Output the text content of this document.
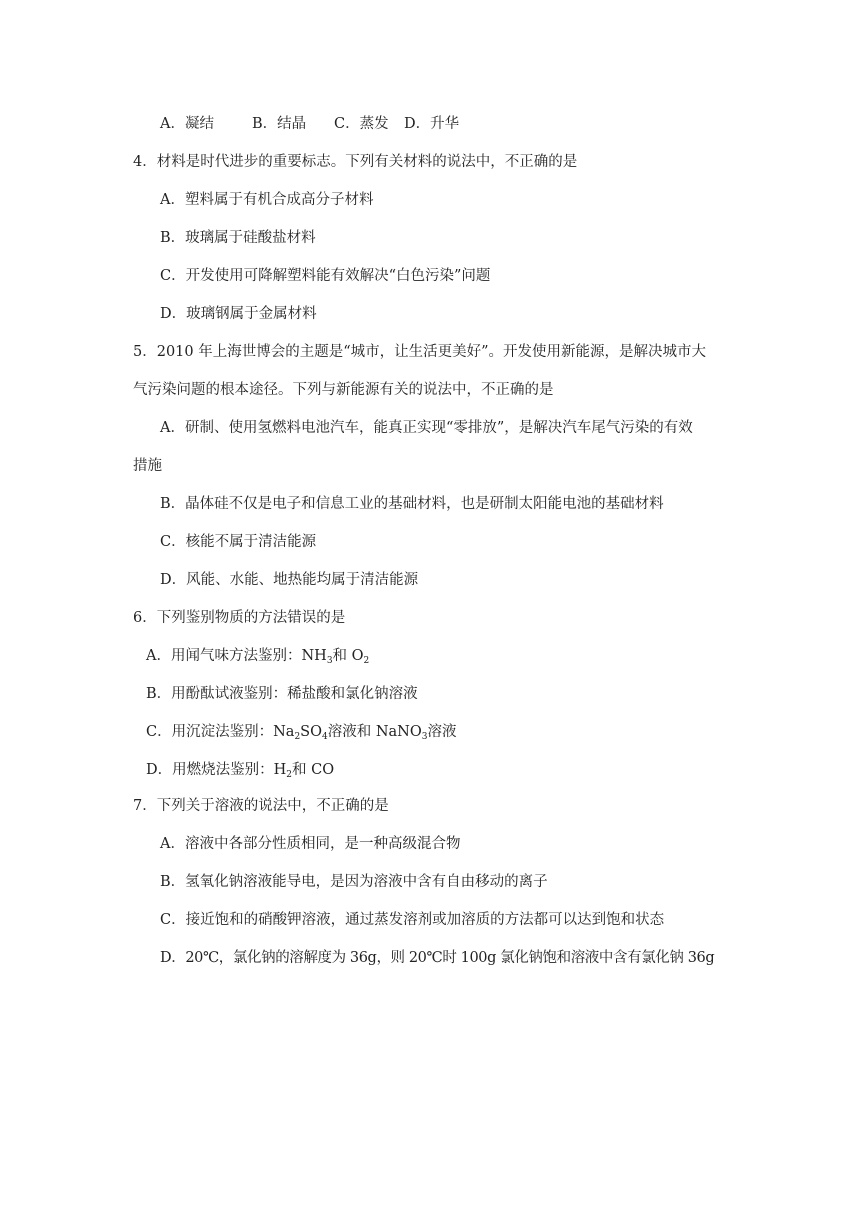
A．凝结	B．结晶 C．蒸发 D．升华
4．材料是时代进步的重要标志。下列有关材料的说法中，不正确的是
A．塑料属于有机合成高分子材料
B．玻璃属于硅酸盐材料
C．开发使用可降解塑料能有效解决“白色污染”问题
D．玻璃钢属于金属材料
5．2010 年上海世博会的主题是“城市，让生活更美好”。开发使用新能源，是解决城市大
气污染问题的根本途径。下列与新能源有关的说法中，不正确的是
A．研制、使用氢燃料电池汽车，能真正实现“零排放”，是解决汽车尾气污染的有效
措施
B．晶体硅不仅是电子和信息工业的基础材料，也是研制太阳能电池的基础材料
C．核能不属于清洁能源
D．风能、水能、地热能均属于清洁能源
6．下列鉴别物质的方法错误的是
A．用闻气味方法鉴别：$NH_3$和 $O_2$
B．用酚酞试液鉴别：稀盐酸和氯化钠溶液
C．用沉淀法鉴别：$Na_2SO_4$溶液和 NaNO$_3$溶液
D．用燃烧法鉴别：$H_2$和 CO
7．下列关于溶液的说法中，不正确的是
A．溶液中各部分性质相同，是一种高级混合物
B．氢氧化钠溶液能导电，是因为溶液中含有自由移动的离子
C．接近饱和的硝酸钾溶液，通过蒸发溶剂或加溶质的方法都可以达到饱和状态
D．20℃，氯化钠的溶解度为 36g，则 20℃时 100g 氯化钠饱和溶液中含有氯化钠 36g
